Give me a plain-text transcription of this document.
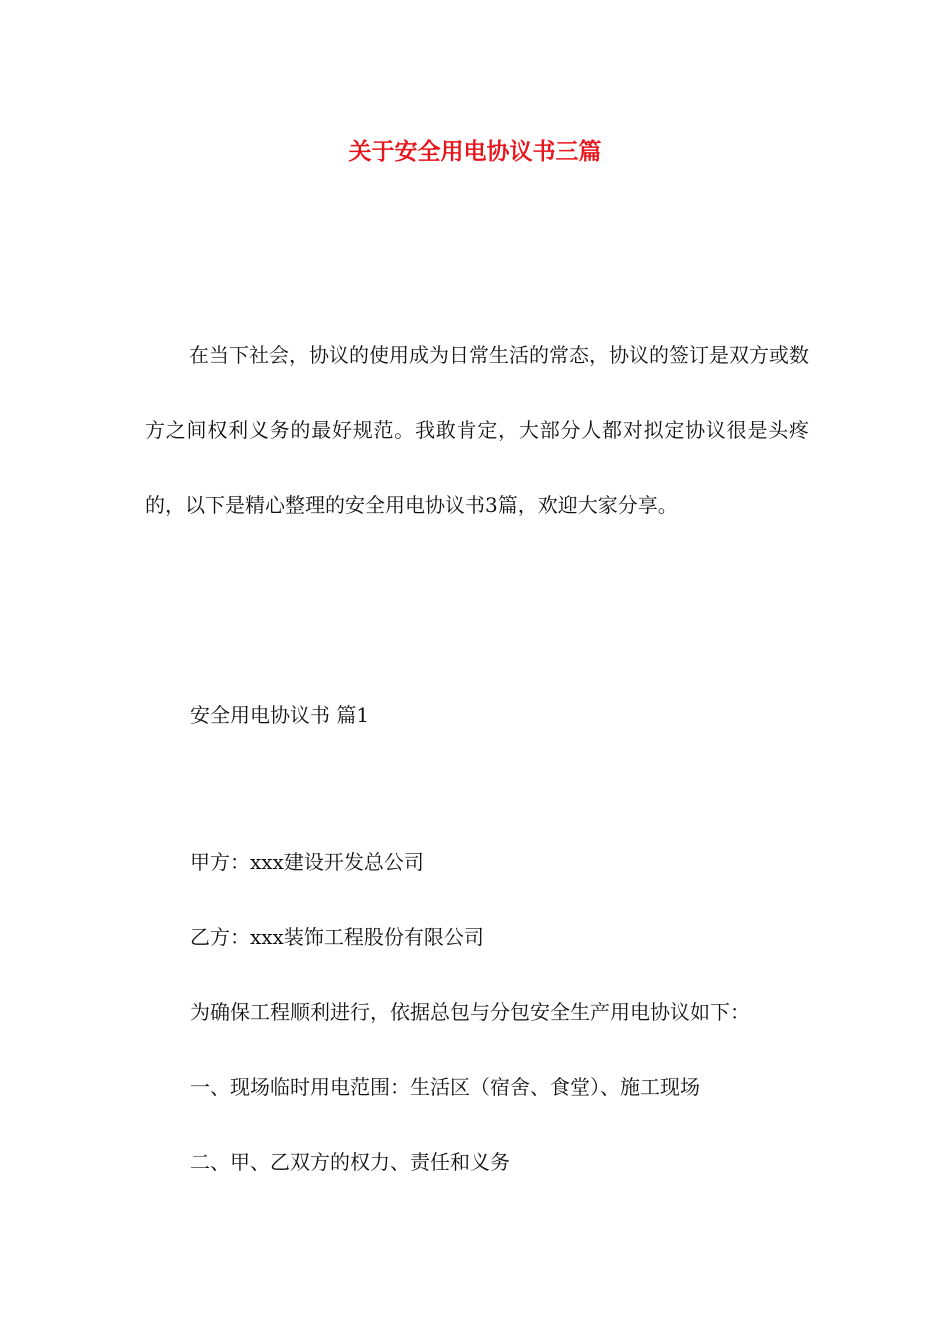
关于安全用电协议书三篇

在当下社会，协议的使用成为日常生活的常态，协议的签订是双方或数方之间权利义务的最好规范。我敢肯定，大部分人都对拟定协议很是头疼的，以下是精心整理的安全用电协议书3篇，欢迎大家分享。

安全用电协议书 篇1

甲方：xxx建设开发总公司

乙方：xxx装饰工程股份有限公司

为确保工程顺利进行，依据总包与分包安全生产用电协议如下：

一、现场临时用电范围：生活区（宿舍、食堂）、施工现场

二、甲、乙双方的权力、责任和义务
